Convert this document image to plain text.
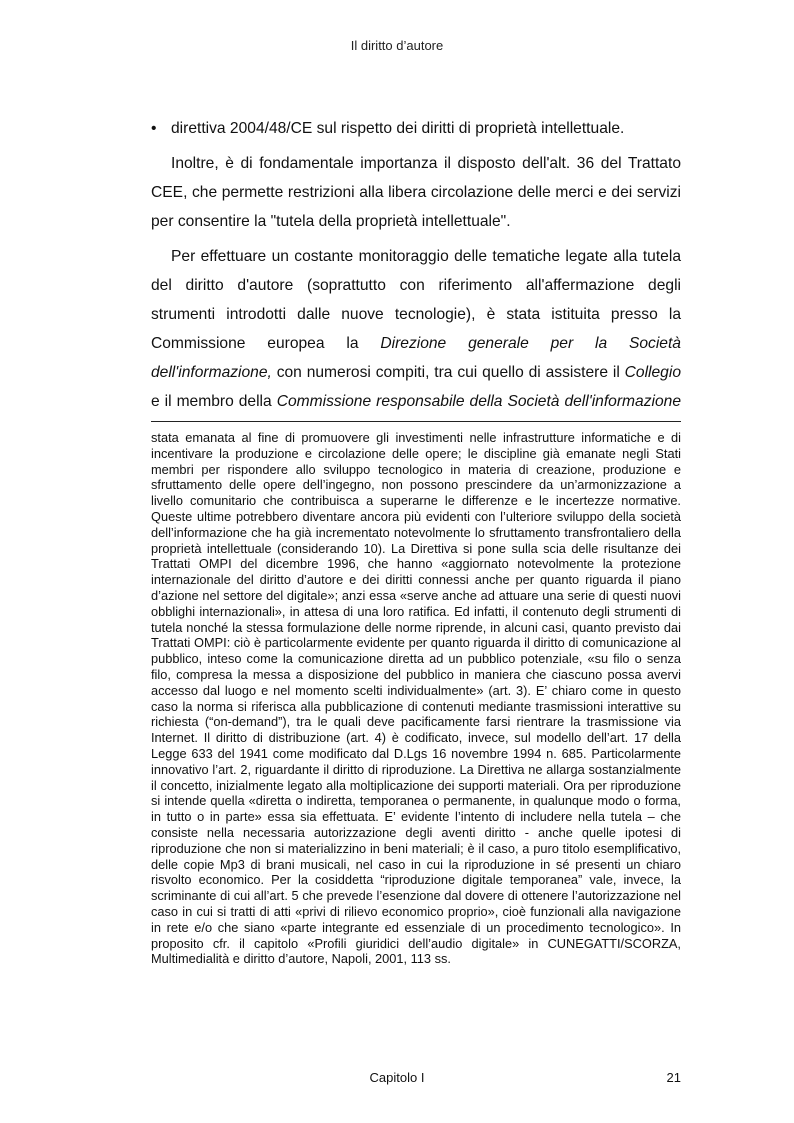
Il diritto d’autore

• direttiva 2004/48/CE sul rispetto dei diritti di proprietà intellettuale.

Inoltre, è di fondamentale importanza il disposto dell'alt. 36 del Trattato CEE, che permette restrizioni alla libera circolazione delle merci e dei servizi per consentire la "tutela della proprietà intellettuale".

Per effettuare un costante monitoraggio delle tematiche legate alla tutela del diritto d'autore (soprattutto con riferimento all'affermazione degli strumenti introdotti dalle nuove tecnologie), è stata istituita presso la Commissione europea la Direzione generale per la Società dell'informazione, con numerosi compiti, tra cui quello di assistere il Collegio e il membro della Commissione responsabile della Società dell'informazione

stata emanata al fine di promuovere gli investimenti nelle infrastrutture informatiche e di incentivare la produzione e circolazione delle opere; le discipline già emanate negli Stati membri per rispondere allo sviluppo tecnologico in materia di creazione, produzione e sfruttamento delle opere dell’ingegno, non possono prescindere da un’armonizzazione a livello comunitario che contribuisca a superarne le differenze e le incertezze normative. Queste ultime potrebbero diventare ancora più evidenti con l’ulteriore sviluppo della società dell’informazione che ha già incrementato notevolmente lo sfruttamento transfrontaliero della proprietà intellettuale (considerando 10). La Direttiva si pone sulla scia delle risultanze dei Trattati OMPI del dicembre 1996, che hanno «aggiornato notevolmente la protezione internazionale del diritto d’autore e dei diritti connessi anche per quanto riguarda il piano d’azione nel settore del digitale»; anzi essa «serve anche ad attuare una serie di questi nuovi obblighi internazionali», in attesa di una loro ratifica. Ed infatti, il contenuto degli strumenti di tutela nonché la stessa formulazione delle norme riprende, in alcuni casi, quanto previsto dai Trattati OMPI: ciò è particolarmente evidente per quanto riguarda il diritto di comunicazione al pubblico, inteso come la comunicazione diretta ad un pubblico potenziale, «su filo o senza filo, compresa la messa a disposizione del pubblico in maniera che ciascuno possa avervi accesso dal luogo e nel momento scelti individualmente» (art. 3). E’ chiaro come in questo caso la norma si riferisca alla pubblicazione di contenuti mediante trasmissioni interattive su richiesta (“on-demand”), tra le quali deve pacificamente farsi rientrare la trasmissione via Internet. Il diritto di distribuzione (art. 4) è codificato, invece, sul modello dell’art. 17 della Legge 633 del 1941 come modificato dal D.Lgs 16 novembre 1994 n. 685. Particolarmente innovativo l’art. 2, riguardante il diritto di riproduzione. La Direttiva ne allarga sostanzialmente il concetto, inizialmente legato alla moltiplicazione dei supporti materiali. Ora per riproduzione si intende quella «diretta o indiretta, temporanea o permanente, in qualunque modo o forma, in tutto o in parte» essa sia effettuata. E’ evidente l’intento di includere nella tutela – che consiste nella necessaria autorizzazione degli aventi diritto - anche quelle ipotesi di riproduzione che non si materializzino in beni materiali; è il caso, a puro titolo esemplificativo, delle copie Mp3 di brani musicali, nel caso in cui la riproduzione in sé presenti un chiaro risvolto economico. Per la cosiddetta “riproduzione digitale temporanea” vale, invece, la scriminante di cui all’art. 5 che prevede l’esenzione dal dovere di ottenere l’autorizzazione nel caso in cui si tratti di atti «privi di rilievo economico proprio», cioè funzionali alla navigazione in rete e/o che siano «parte integrante ed essenziale di un procedimento tecnologico». In proposito cfr. il capitolo «Profili giuridici dell’audio digitale» in CUNEGATTI/SCORZA, Multimedialità e diritto d’autore, Napoli, 2001, 113 ss.

Capitolo I	21
